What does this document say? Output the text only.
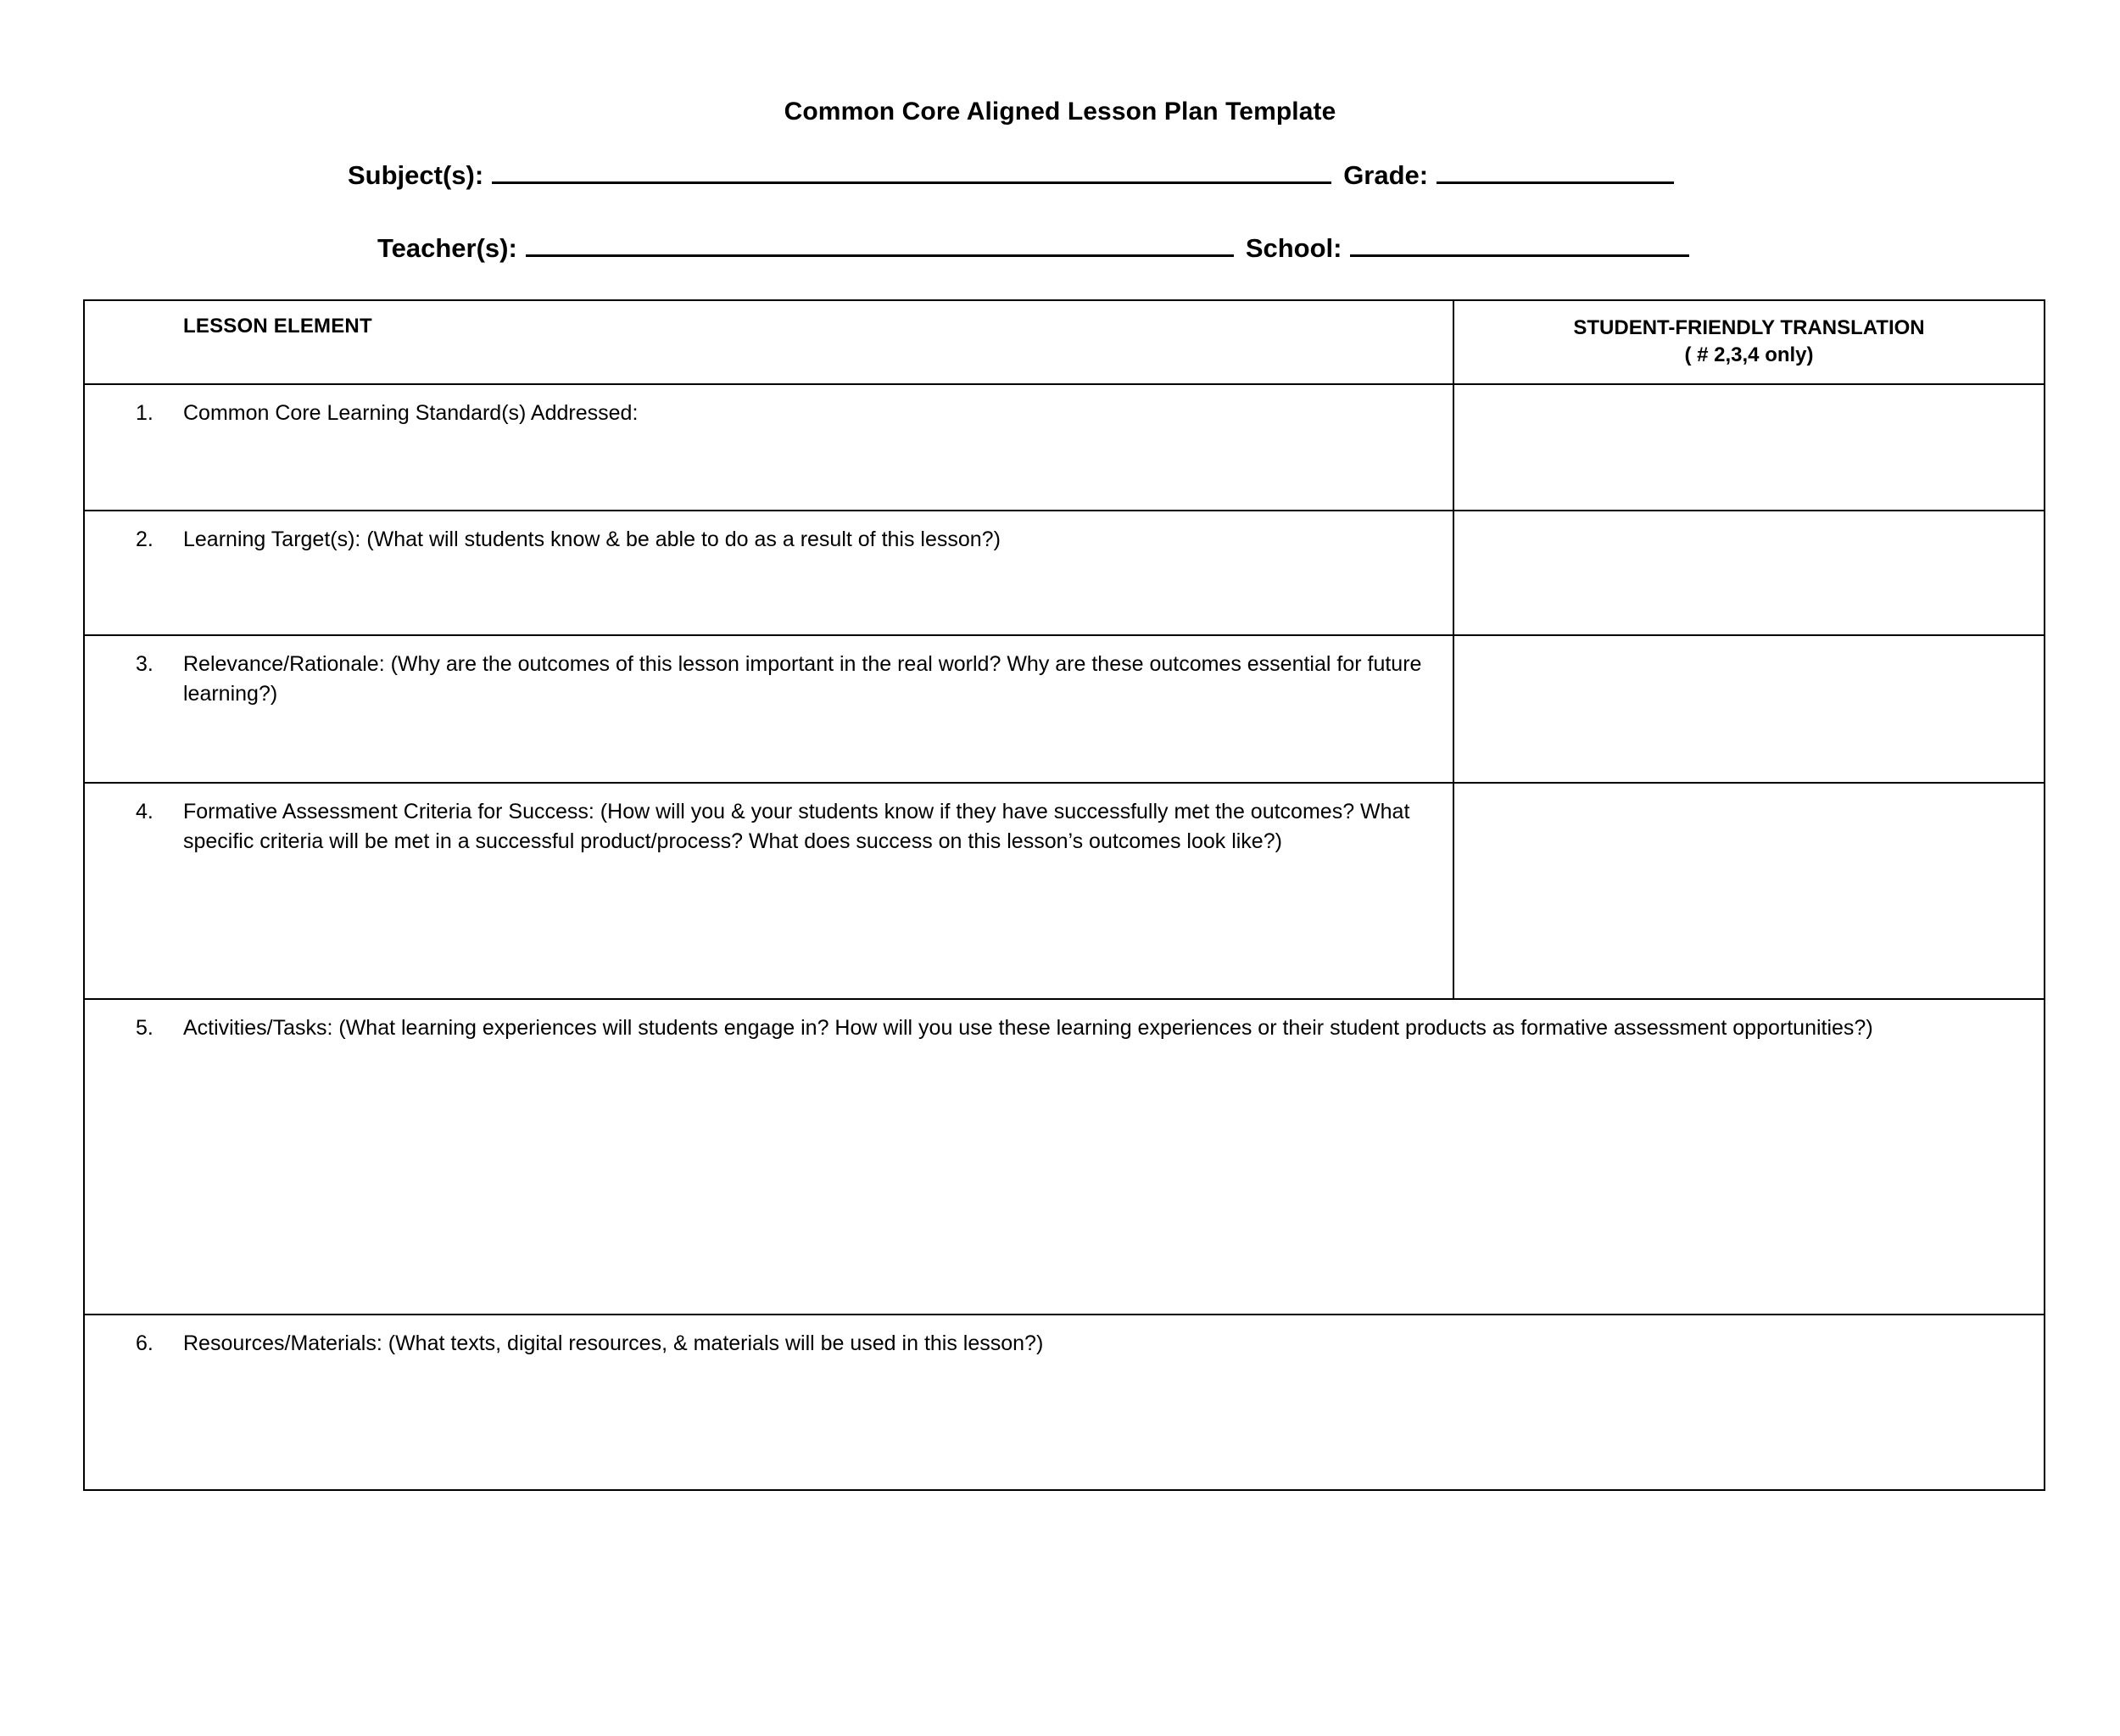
Common Core Aligned Lesson Plan Template
Subject(s):	Grade:
Teacher(s):	School:
LESSON ELEMENT	STUDENT-FRIENDLY TRANSLATION
( # 2,3,4 only)

1. Common Core Learning Standard(s) Addressed:	

2. Learning Target(s): (What will students know & be able to do as a result of this lesson?)	

3. Relevance/Rationale: (Why are the outcomes of this lesson important in the real world? Why are these outcomes essential for future learning?)	

4. Formative Assessment Criteria for Success: (How will you & your students know if they have successfully met the outcomes? What specific criteria will be met in a successful product/process? What does success on this lesson’s outcomes look like?)	

5. Activities/Tasks: (What learning experiences will students engage in? How will you use these learning experiences or their student products as formative assessment opportunities?)	

6. Resources/Materials: (What texts, digital resources, & materials will be used in this lesson?)	
